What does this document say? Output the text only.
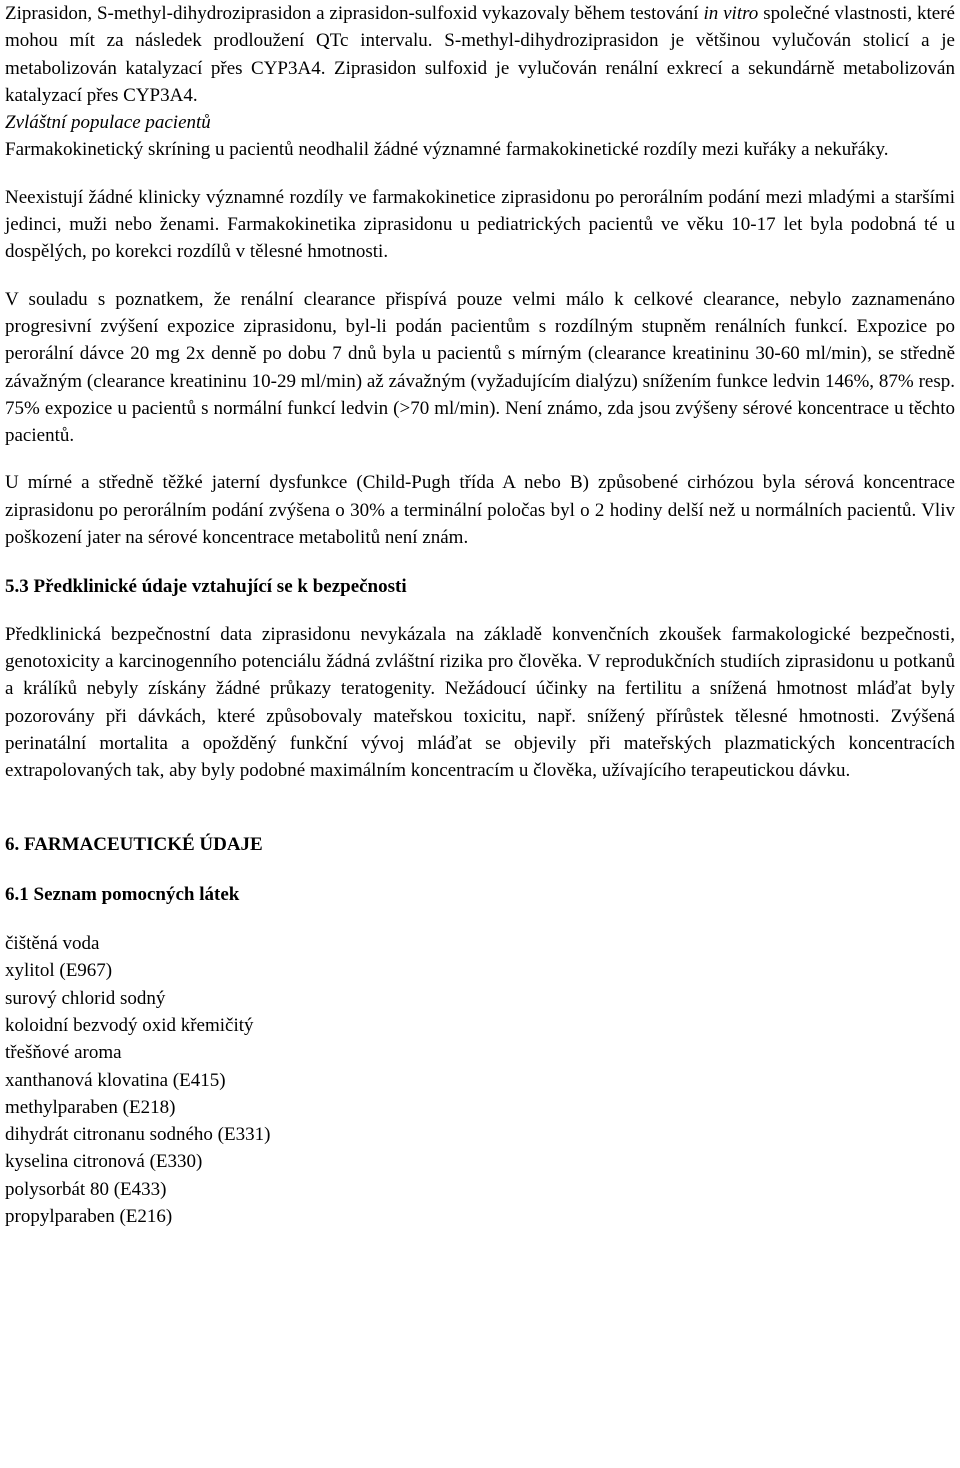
Ziprasidon, S-methyl-dihydroziprasidon a ziprasidon-sulfoxid vykazovaly během testování in vitro společné vlastnosti, které mohou mít za následek prodloužení QTc intervalu. S-methyl-dihydroziprasidon je většinou vylučován stolicí a je metabolizován katalyzací přes CYP3A4. Ziprasidon sulfoxid je vylučován renální exkrecí a sekundárně metabolizován katalyzací přes CYP3A4.

Zvláštní populace pacientů

Farmakokinetický skríning u pacientů neodhalil žádné významné farmakokinetické rozdíly mezi kuřáky a nekuřáky.

Neexistují žádné klinicky významné rozdíly ve farmakokinetice ziprasidonu po perorálním podání mezi mladými a staršími jedinci, muži nebo ženami. Farmakokinetika ziprasidonu u pediatrických pacientů ve věku 10-17 let byla podobná té u dospělých, po korekci rozdílů v tělesné hmotnosti.

V souladu s poznatkem, že renální clearance přispívá pouze velmi málo k celkové clearance, nebylo zaznamenáno progresivní zvýšení expozice ziprasidonu, byl-li podán pacientům s rozdílným stupněm renálních funkcí. Expozice po perorální dávce 20 mg 2x denně po dobu 7 dnů byla u pacientů s mírným (clearance kreatininu 30-60 ml/min), se středně závažným (clearance kreatininu 10-29 ml/min) až závažným (vyžadujícím dialýzu) snížením funkce ledvin 146%, 87% resp. 75% expozice u pacientů s normální funkcí ledvin (>70 ml/min). Není známo, zda jsou zvýšeny sérové koncentrace u těchto pacientů.

U mírné a středně těžké jaterní dysfunkce (Child-Pugh třída A nebo B) způsobené cirhózou byla sérová koncentrace ziprasidonu po perorálním podání zvýšena o 30% a terminální poločas byl o 2 hodiny delší než u normálních pacientů. Vliv poškození jater na sérové koncentrace metabolitů není znám.

5.3 Předklinické údaje vztahující se k bezpečnosti

Předklinická bezpečnostní data ziprasidonu nevykázala na základě konvenčních zkoušek farmakologické bezpečnosti, genotoxicity a karcinogenního potenciálu žádná zvláštní rizika pro člověka. V reprodukčních studiích ziprasidonu u potkanů a králíků nebyly získány žádné průkazy teratogenity. Nežádoucí účinky na fertilitu a snížená hmotnost mláďat byly pozorovány při dávkách, které způsobovaly mateřskou toxicitu, např. snížený přírůstek tělesné hmotnosti. Zvýšená perinatální mortalita a opožděný funkční vývoj mláďat se objevily při mateřských plazmatických koncentracích extrapolovaných tak, aby byly podobné maximálním koncentracím u člověka, užívajícího terapeutickou dávku.

6. FARMACEUTICKÉ ÚDAJE

6.1 Seznam pomocných látek

čištěná voda
xylitol (E967)
surový chlorid sodný
koloidní bezvodý oxid křemičitý
třešňové aroma
xanthanová klovatina (E415)
methylparaben (E218)
dihydrát citronanu sodného (E331)
kyselina citronová (E330)
polysorbát 80 (E433)
propylparaben (E216)
